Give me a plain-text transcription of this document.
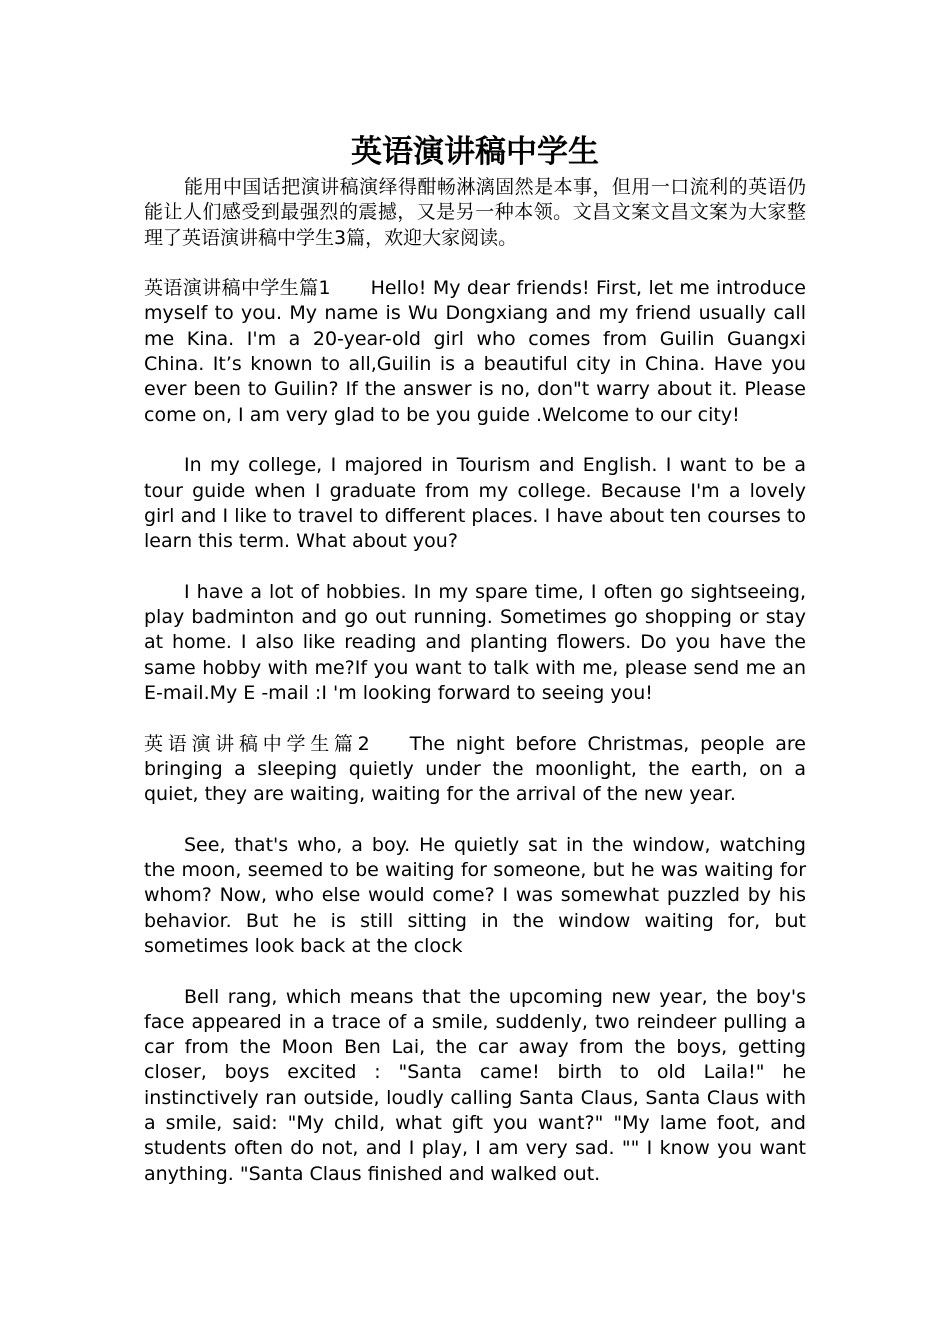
英语演讲稿中学生

能用中国话把演讲稿演绎得酣畅淋漓固然是本事，但用一口流利的英语仍能让人们感受到最强烈的震撼，又是另一种本领。文昌文案文昌文案为大家整理了英语演讲稿中学生3篇，欢迎大家阅读。

英语演讲稿中学生篇1 Hello! My dear friends! First, let me introduce myself to you. My name is Wu Dongxiang and my friend usually call me Kina. I'm a 20-year-old girl who comes from Guilin Guangxi China. It’s known to all,Guilin is a beautiful city in China. Have you ever been to Guilin? If the answer is no, don"t warry about it. Please come on, I am very glad to be you guide .Welcome to our city!

In my college, I majored in Tourism and English. I want to be a tour guide when I graduate from my college. Because I'm a lovely girl and I like to travel to different places. I have about ten courses to learn this term. What about you?

I have a lot of hobbies. In my spare time, I often go sightseeing, play badminton and go out running. Sometimes go shopping or stay at home. I also like reading and planting flowers. Do you have the same hobby with me?If you want to talk with me, please send me an E-mail.My E -mail :I 'm looking forward to seeing you!

英语演讲稿中学生篇2 The night before Christmas, people are bringing a sleeping quietly under the moonlight, the earth, on a quiet, they are waiting, waiting for the arrival of the new year.

See, that's who, a boy. He quietly sat in the window, watching the moon, seemed to be waiting for someone, but he was waiting for whom? Now, who else would come? I was somewhat puzzled by his behavior. But he is still sitting in the window waiting for, but sometimes look back at the clock

Bell rang, which means that the upcoming new year, the boy's face appeared in a trace of a smile, suddenly, two reindeer pulling a car from the Moon Ben Lai, the car away from the boys, getting closer, boys excited : "Santa came! birth to old Laila!" he instinctively ran outside, loudly calling Santa Claus, Santa Claus with a smile, said: "My child, what gift you want?" "My lame foot, and students often do not, and I play, I am very sad. "" I know you want anything. "Santa Claus finished and walked out.
